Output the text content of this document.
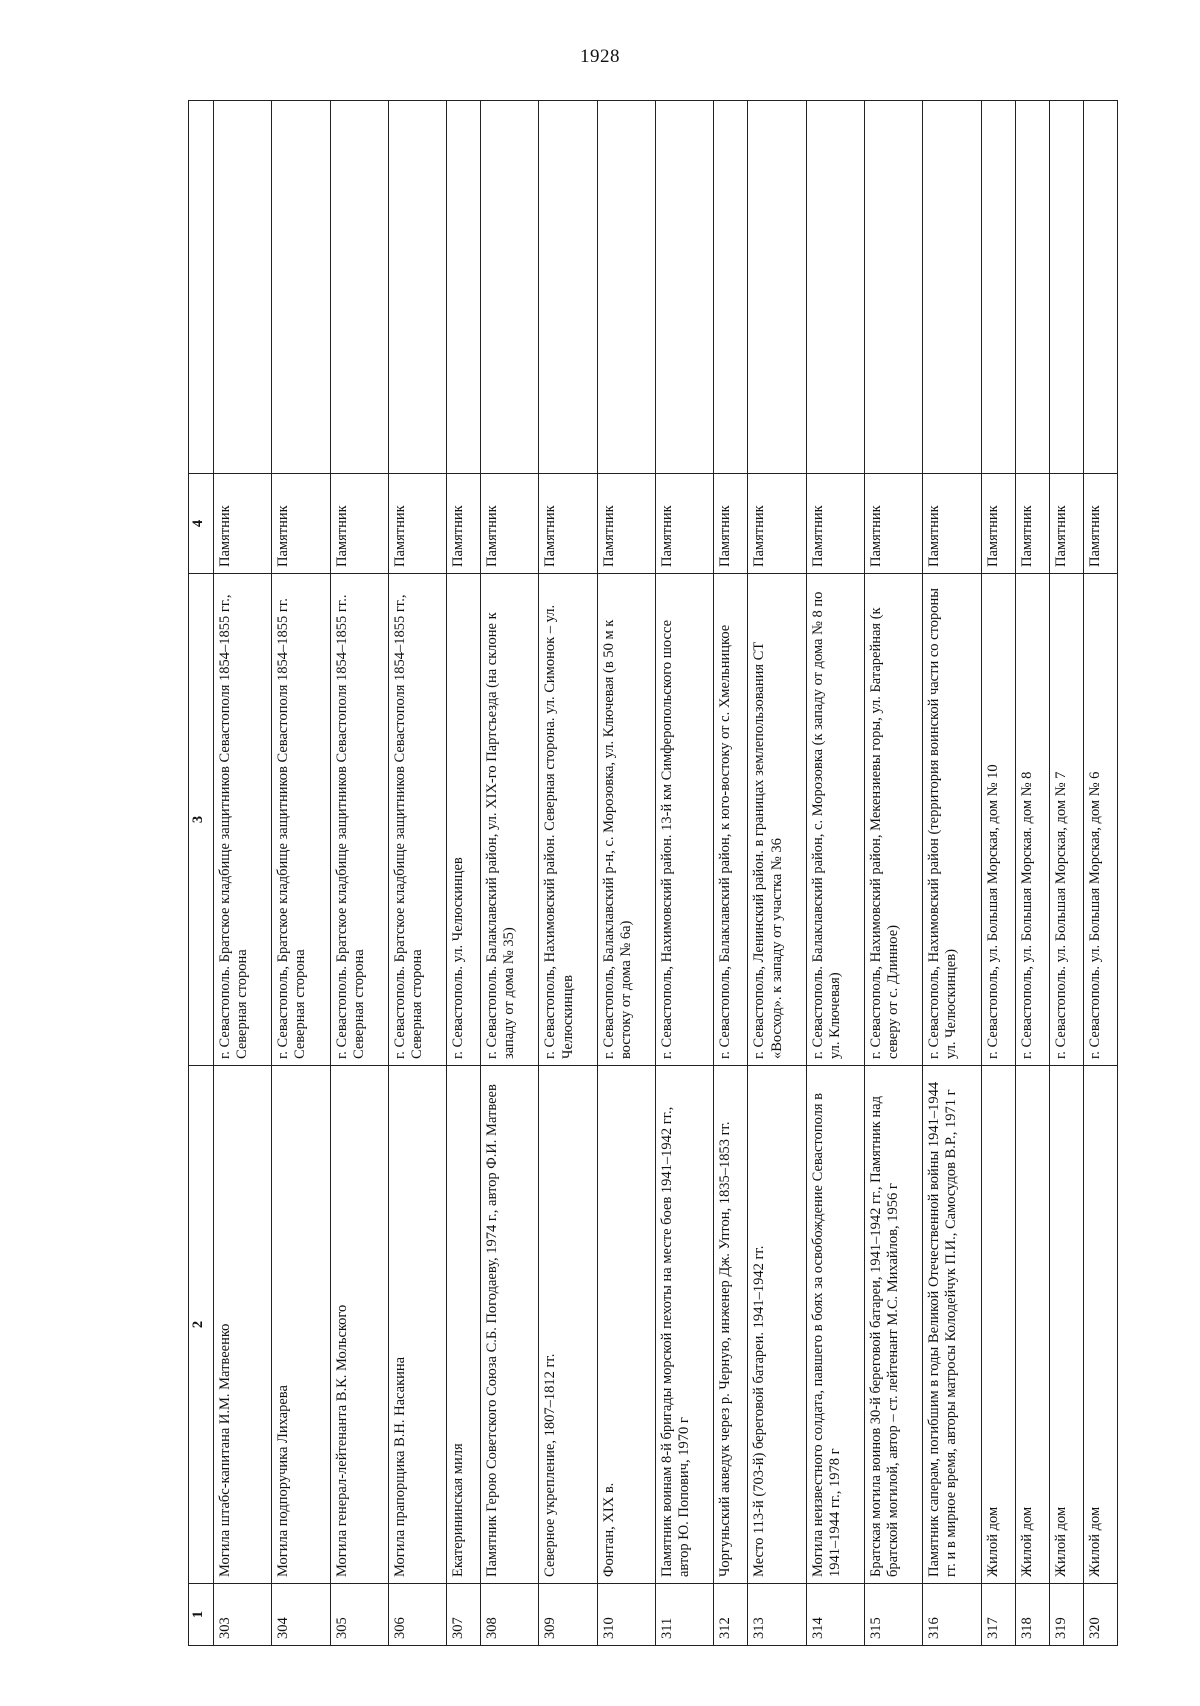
1928
1	2	3	4	
303	Могила штабс-капитана И.М. Матвеенко	г. Севастополь. Братское кладбище защитников Севастополя 1854–1855 гг., Северная сторона	Памятник	
304	Могила подпоручика Лихарева	г. Севастополь, Братское кладбище защитников Севастополя 1854–1855 гг. Северная сторона	Памятник	
305	Могила генерал-лейтенанта В.К. Мольского	г. Севастополь. Братское кладбище защитников Севастополя 1854–1855 гг.. Северная сторона	Памятник	
306	Могила прапорщика В.Н. Насакина	г. Севастополь. Братское кладбище защитников Севастополя 1854–1855 гг., Северная сторона	Памятник	
307	Екатерининская миля	г. Севастополь. ул. Челюскинцев	Памятник	
308	Памятник Герою Советского Союза С.Б. Погодаеву, 1974 г., автор Ф.И. Матвеев	г. Севастополь. Балаклавский район, ул. XIX-го Партсъезда (на склоне к западу от дома № 35)	Памятник	
309	Северное укрепление, 1807–1812 гг.	г. Севастополь, Нахимовский район. Северная сторона. ул. Симонок – ул. Челюскинцев	Памятник	
310	Фонтан, XIX в.	г. Севастополь, Балаклавский р-н, с. Морозовка, ул. Ключевая (в 50 м к востоку от дома № 6а)	Памятник	
311	Памятник воинам 8-й бригады морской пехоты на месте боев 1941–1942 гг., автор Ю. Попович, 1970 г	г. Севастополь, Нахимовский район. 13-й км Симферопольского шоссе	Памятник	
312	Чоргуньский акведук через р. Черную, инженер Дж. Уптон, 1835–1853 гг.	г. Севастополь, Балаклавский район, к юго-востоку от с. Хмельницкое	Памятник	
313	Место 113-й (703-й) береговой батареи. 1941–1942 гг.	г. Севастополь, Ленинский район. в границах землепользования СТ «Восход». к западу от участка № 36	Памятник	
314	Могила неизвестного солдата, павшего в боях за освобождение Севастополя в 1941–1944 гг., 1978 г	г. Севастополь. Балаклавский район, с. Морозовка (к западу от дома № 8 по ул. Ключевая)	Памятник	
315	Братская могила воинов 30-й береговой батареи, 1941–1942 гг., Памятник над братской могилой, автор – ст. лейтенант М.С. Михайлов, 1956 г	г. Севастополь, Нахимовский район, Мекензиевы горы, ул. Батарейная (к северу от с. Длинное)	Памятник	
316	Памятник саперам, погибшим в годы Великой Отечественной войны 1941–1944 гг. и в мирное время, авторы матросы Колодейчук П.И., Самосудов В.Р., 1971 г	г. Севастополь, Нахимовский район (территория воинской части со стороны ул. Челюскинцев)	Памятник	
317	Жилой дом	г. Севастополь, ул. Большая Морская, дом № 10	Памятник	
318	Жилой дом	г. Севастополь, ул. Большая Морская. дом № 8	Памятник	
319	Жилой дом	г. Севастополь. ул. Большая Морская, дом № 7	Памятник	
320	Жилой дом	г. Севастополь. ул. Большая Морская, дом № 6	Памятник	
